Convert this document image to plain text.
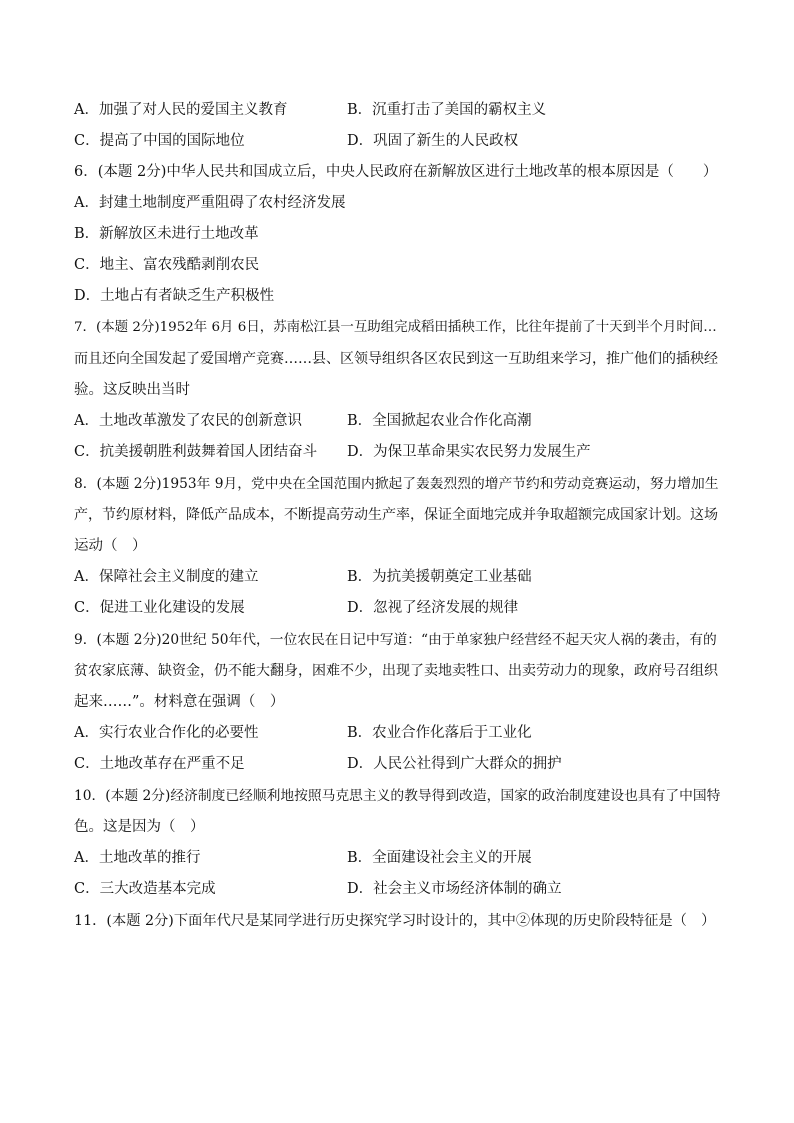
A．加强了对人民的爱国主义教育	B．沉重打击了美国的霸权主义
C．提高了中国的国际地位	D．巩固了新生的人民政权
6．(本题 2分)中华人民共和国成立后，中央人民政府在新解放区进行土地改革的根本原因是（　　）
A．封建土地制度严重阻碍了农村经济发展
B．新解放区未进行土地改革
C．地主、富农残酷剥削农民
D．土地占有者缺乏生产积极性
7．(本题 2分)1952年 6月 6日，苏南松江县一互助组完成稻田插秧工作，比往年提前了十天到半个月时间…
而且还向全国发起了爱国增产竞赛……县、区领导组织各区农民到这一互助组来学习，推广他们的插秧经
验。这反映出当时
A．土地改革激发了农民的创新意识	B．全国掀起农业合作化高潮
C．抗美援朝胜利鼓舞着国人团结奋斗 D．为保卫革命果实农民努力发展生产
8．(本题 2分)1953年 9月，党中央在全国范围内掀起了轰轰烈烈的增产节约和劳动竞赛运动，努力增加生
产，节约原材料，降低产品成本，不断提高劳动生产率，保证全面地完成并争取超额完成国家计划。这场
运动（　）
A．保障社会主义制度的建立	B．为抗美援朝奠定工业基础
C．促进工业化建设的发展	D．忽视了经济发展的规律
9．(本题 2分)20世纪 50年代，一位农民在日记中写道：“由于单家独户经营经不起天灾人祸的袭击，有的
贫农家底薄、缺资金，仍不能大翻身，困难不少，出现了卖地卖牲口、出卖劳动力的现象，政府号召组织
起来……”。材料意在强调（　）
A．实行农业合作化的必要性	B．农业合作化落后于工业化
C．土地改革存在严重不足	D．人民公社得到广大群众的拥护
10．(本题 2分)经济制度已经顺利地按照马克思主义的教导得到改造，国家的政治制度建设也具有了中国特
色。这是因为（　）
A．土地改革的推行	B．全面建设社会主义的开展
C．三大改造基本完成	D．社会主义市场经济体制的确立
11．(本题 2分)下面年代尺是某同学进行历史探究学习时设计的，其中②体现的历史阶段特征是（　）
